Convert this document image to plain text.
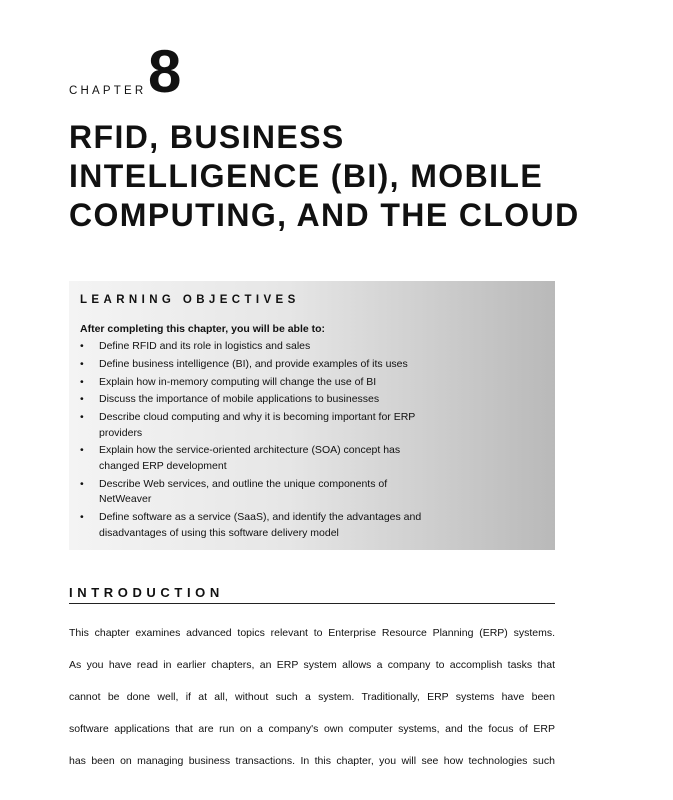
CHAPTER 8
RFID, BUSINESS
INTELLIGENCE (BI), MOBILE
COMPUTING, AND THE CLOUD
LEARNING OBJECTIVES
After completing this chapter, you will be able to:
• Define RFID and its role in logistics and sales
• Define business intelligence (BI), and provide examples of its uses
• Explain how in-memory computing will change the use of BI
• Discuss the importance of mobile applications to businesses
• Describe cloud computing and why it is becoming important for ERP providers
• Explain how the service-oriented architecture (SOA) concept has changed ERP development
• Describe Web services, and outline the unique components of NetWeaver
• Define software as a service (SaaS), and identify the advantages and disadvantages of using this software delivery model
INTRODUCTION

This chapter examines advanced topics relevant to Enterprise Resource Planning (ERP) systems.
As you have read in earlier chapters, an ERP system allows a company to accomplish tasks that
cannot be done well, if at all, without such a system. Traditionally, ERP systems have been
software applications that are run on a company's own computer systems, and the focus of ERP
has been on managing business transactions. In this chapter, you will see how technologies such
